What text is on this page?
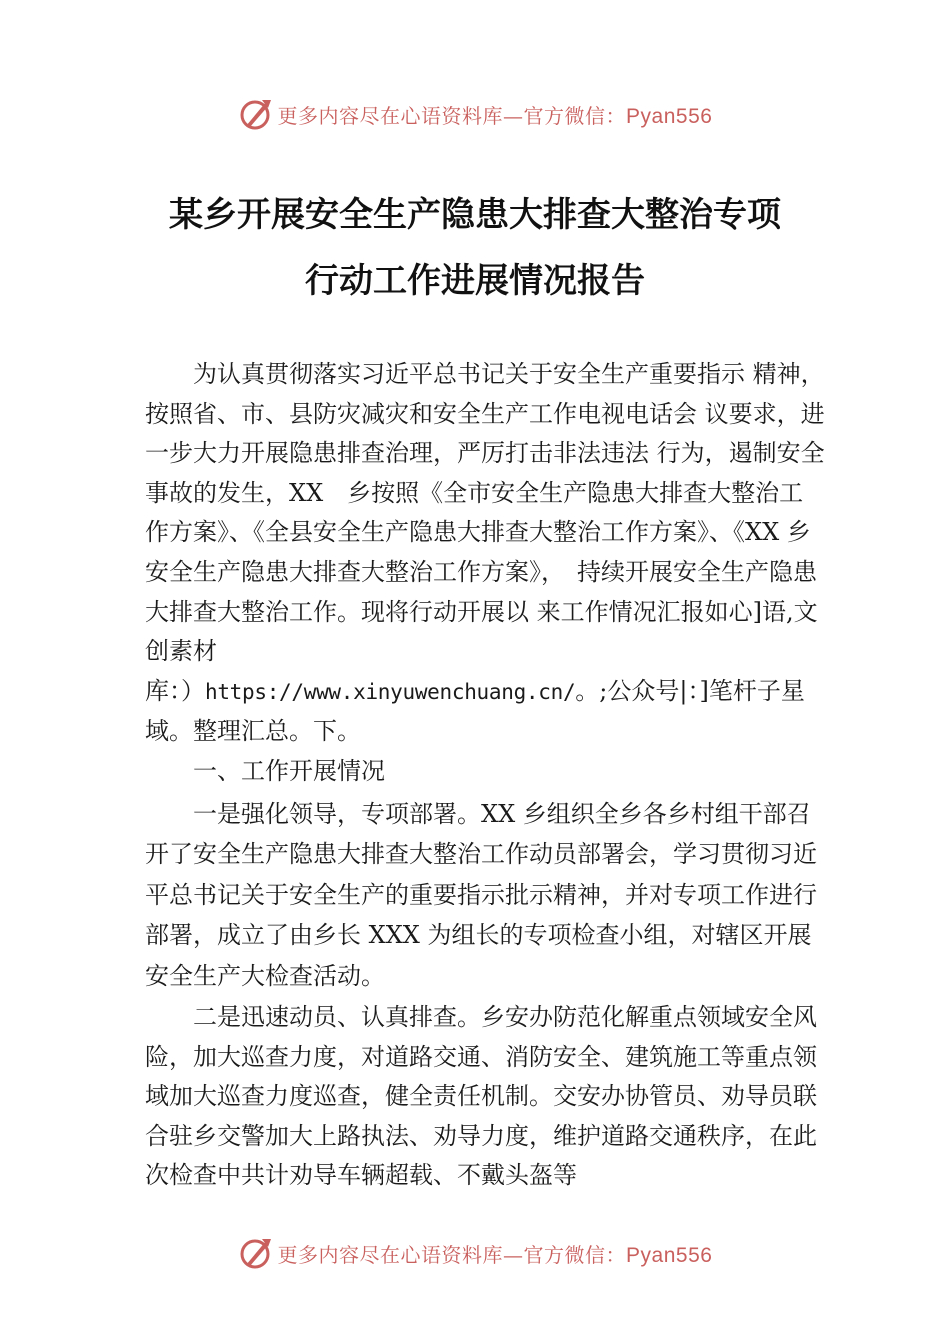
更多内容尽在心语资料库—官方微信：Pyan556
某乡开展安全生产隐患大排查大整治专项
行动工作进展情况报告

为认真贯彻落实习近平总书记关于安全生产重要指示 精神，按照省、市、县防灾减灾和安全生产工作电视电话会 议要求，进一步大力开展隐患排查治理，严厉打击非法违法 行为，遏制安全事故的发生，XX　乡按照《全市安全生产隐患大排查大整治工作方案》、《全县安全生产隐患大排查大整治工作方案》、《XX 乡安全生产隐患大排查大整治工作方案》，　持续开展安全生产隐患大排查大整治工作。现将行动开展以 来工作情况汇报如心]语,文创素材

库：）https://www.xinyuwenchuang.cn/。;公众号|：]笔杆子星域。整理汇总。下。

一、工作开展情况

一是强化领导，专项部署。XX 乡组织全乡各乡村组干部召开了安全生产隐患大排查大整治工作动员部署会，学习贯彻习近平总书记关于安全生产的重要指示批示精神，并对专项工作进行部署，成立了由乡长 XXX 为组长的专项检查小组，对辖区开展安全生产大检查活动。

二是迅速动员、认真排查。乡安办防范化解重点领域安全风险，加大巡查力度，对道路交通、消防安全、建筑施工等重点领域加大巡查力度巡查，健全责任机制。交安办协管员、劝导员联合驻乡交警加大上路执法、劝导力度，维护道路交通秩序，在此次检查中共计劝导车辆超载、不戴头盔等

更多内容尽在心语资料库—官方微信：Pyan556
